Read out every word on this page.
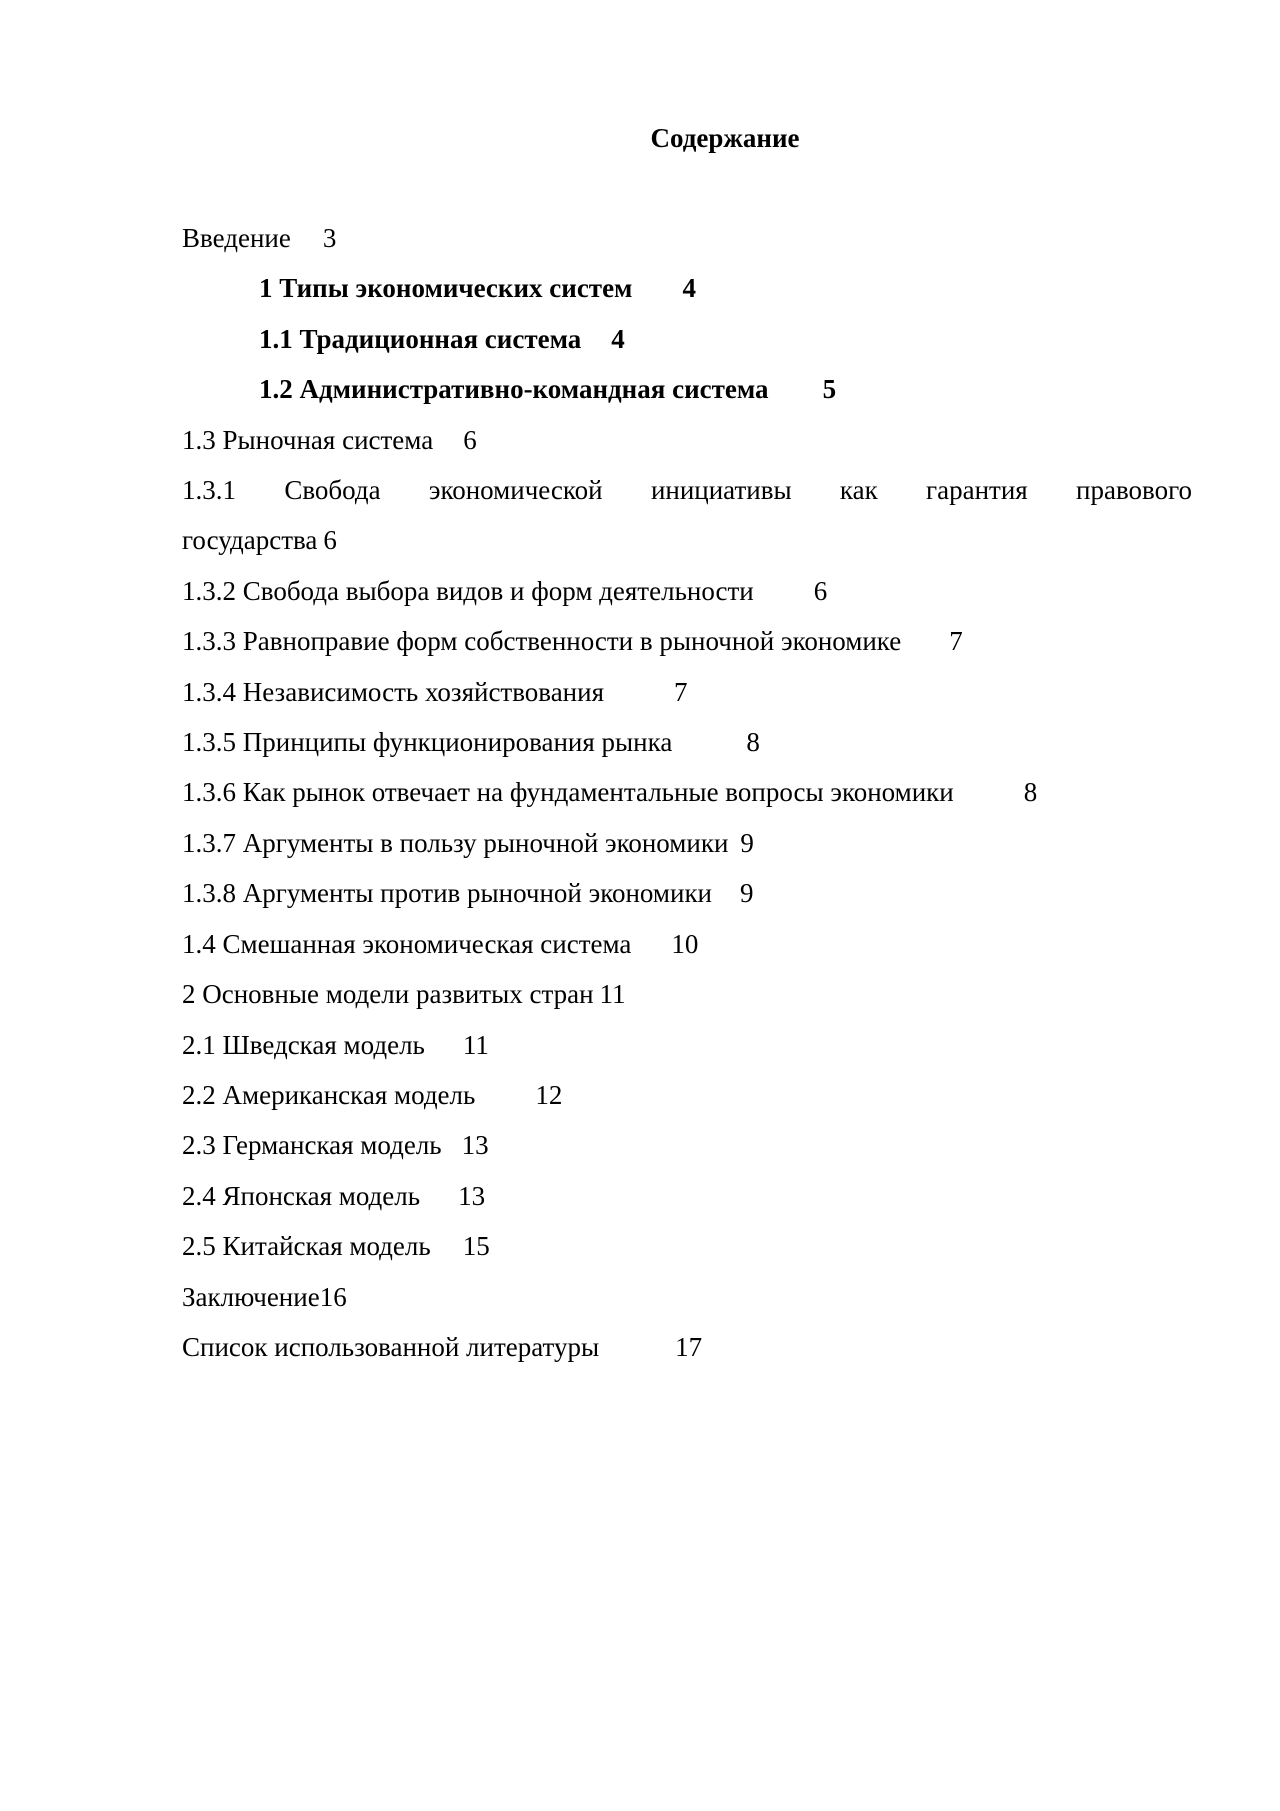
Содержание
Введение 3
1 Типы экономических систем 4
1.1 Традиционная система 4
1.2 Административно-командная система 5
1.3 Рыночная система 6
1.3.1 Свобода экономической инициативы как гарантия правового
государства 6
1.3.2 Свобода выбора видов и форм деятельности 6
1.3.3 Равноправие форм собственности в рыночной экономике 7
1.3.4 Независимость хозяйствования	7
1.3.5 Принципы функционирования рынка	8
1.3.6 Как рынок отвечает на фундаментальные вопросы экономики	8
1.3.7 Аргументы в пользу рыночной экономики 9
1.3.8 Аргументы против рыночной экономики 9
1.4 Смешанная экономическая система 10
2 Основные модели развитых стран 11
2.1 Шведская модель 11
2.2 Американская модель 12
2.3 Германская модель 13
2.4 Японская модель 13
2.5 Китайская модель 15
Заключение16
Список использованной литературы	17
